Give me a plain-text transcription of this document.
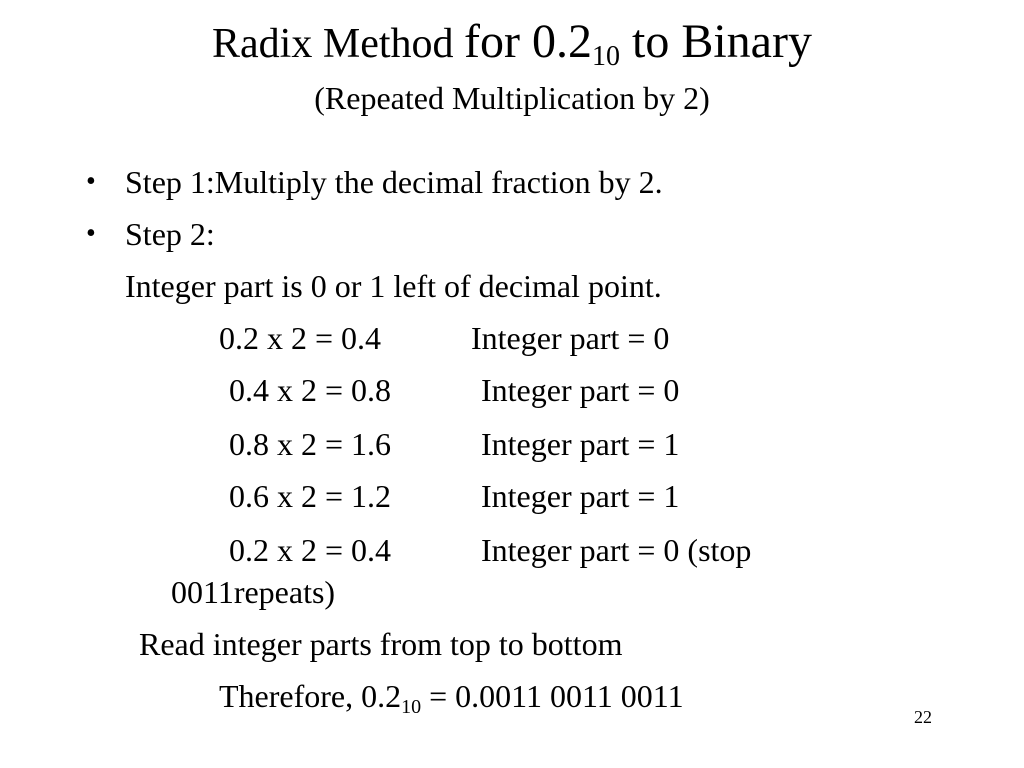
Radix Method for $0.2_{10}$ to Binary
(Repeated Multiplication by 2)
• Step 1:Multiply the decimal fraction by 2.
• Step 2:
Integer part is 0 or 1 left of decimal point.
0.2 x 2 = 0.4	Integer part = 0
0.4 x 2 = 0.8	Integer part = 0
0.8 x 2 = 1.6	Integer part = 1
0.6 x 2 = 1.2	Integer part = 1
0.2 x 2 = 0.4	Integer part = 0 (stop
0011repeats)
Read integer parts from top to bottom
Therefore, $0.2_{10} = 0.0011$ 0011 0011
22
